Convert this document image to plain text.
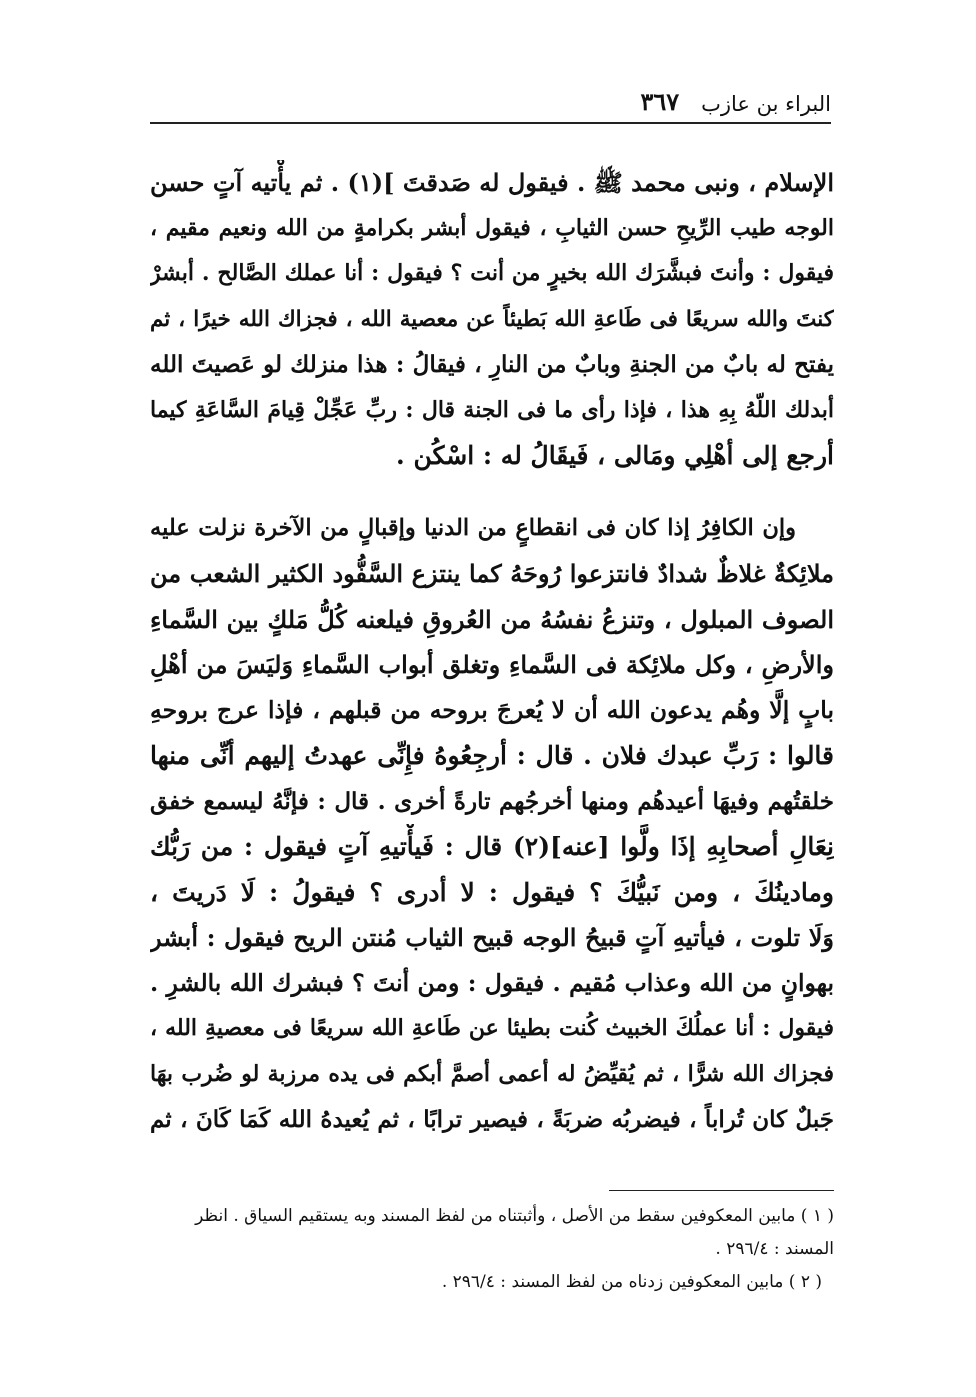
البراء بن عازب
٣٦٧
الإسلام ، ونبى محمد ﷺ . فيقول له صَدقتَ ](١) . ثم يأْتيه آتٍ حسن
الوجه طيب الرِّيحِ حسن الثيابِ ، فيقول أبشر بكرامةٍ من الله ونعيم مقيم ،
فيقول : وأنتَ فبشَّرَك الله بخيرٍ من أنت ؟ فيقول : أنا عملك الصَّالح . أبشرْ
كنتَ والله سريعًا فى طَاعةِ الله بَطيئاً عن معصية الله ، فجزاك الله خيرًا ، ثم
يفتح له بابٌ من الجنةِ وبابٌ من النارِ ، فيقالُ : هذا منزلك لو عَصيتَ الله
أبدلك اللّهُ بِهِ هذا ، فإذا رأى ما فى الجنة قال : ربِّ عَجِّلْ قِيامَ السَّاعَةِ كيما
أرجع إلى أهْلِي ومَالى ، فَيقَالُ له : اسْكُن .
وإن الكافِرُ إذا كان فى انقطاعٍ من الدنيا وإقبالٍ من الآخرة نزلت عليه
ملائِكةٌ غلاظٌ شدادٌ فانتزعوا رُوحَهُ كما ينتزع السَّفُّود الكثير الشعب من
الصوف المبلول ، وتنزعُ نفسُهُ من العُروقِ فيلعنه كُلُّ مَلكٍ بين السَّماءِ
والأرضِ ، وكل ملائِكة فى السَّماءِ وتغلق أبواب السَّماءِ وَليَسَ من أهْلِ
بابٍ إلَّا وهُم يدعون الله أن لا يُعرجَ بروحه من قبلهم ، فإذا عرج بروحهِ
قالوا : رَبِّ عبدك فلان . قال : أرجِعُوهُ فإِنِّى عهدتُ إليهم أنِّى منها
خلقتُهم وفيهَا أعيدهُم ومنها أخرجُهم تارةً أخرى . قال : فإنَّهُ ليسمع خفق
نِعَالِ أصحابِهِ إذَا ولَّوا [عنه](٢) قال : فَيأْتيهِ آتٍ فيقول : من رَبُّك
ومادينُكَ ، ومن نَبيُّكَ ؟ فيقول : لا أدرى ؟ فيقولُ : لَا دَريتَ ،
وَلَا تلوت ، فيأتيهِ آتٍ قبيحُ الوجه قبيح الثياب مُنتن الريح فيقول : أبشر
بهوانٍ من الله وعذاب مُقيم . فيقول : ومن أنتَ ؟ فبشرك الله بالشرِ .
فيقول : أنا عملُكَ الخبيث كُنت بطيئا عن طَاعةِ الله سريعًا فى معصيةِ الله ،
فجزاك الله شرًّا ، ثم يُقيِّضُ له أعمى أصمَّ أبكم فى يده مرزبة لو ضُرب بهَا
جَبلٌ كان تُراباً ، فيضربُه ضربَةً ، فيصير ترابًا ، ثم يُعيدهُ الله كَمَا كَانَ ، ثم
( ١ ) مابين المعكوفين سقط من الأصل ، وأثبتناه من لفظ المسند وبه يستقيم السياق . انظر
المسند : ٢٩٦/٤ .
( ٢ ) مابين المعكوفين زدناه من لفظ المسند : ٢٩٦/٤ .
